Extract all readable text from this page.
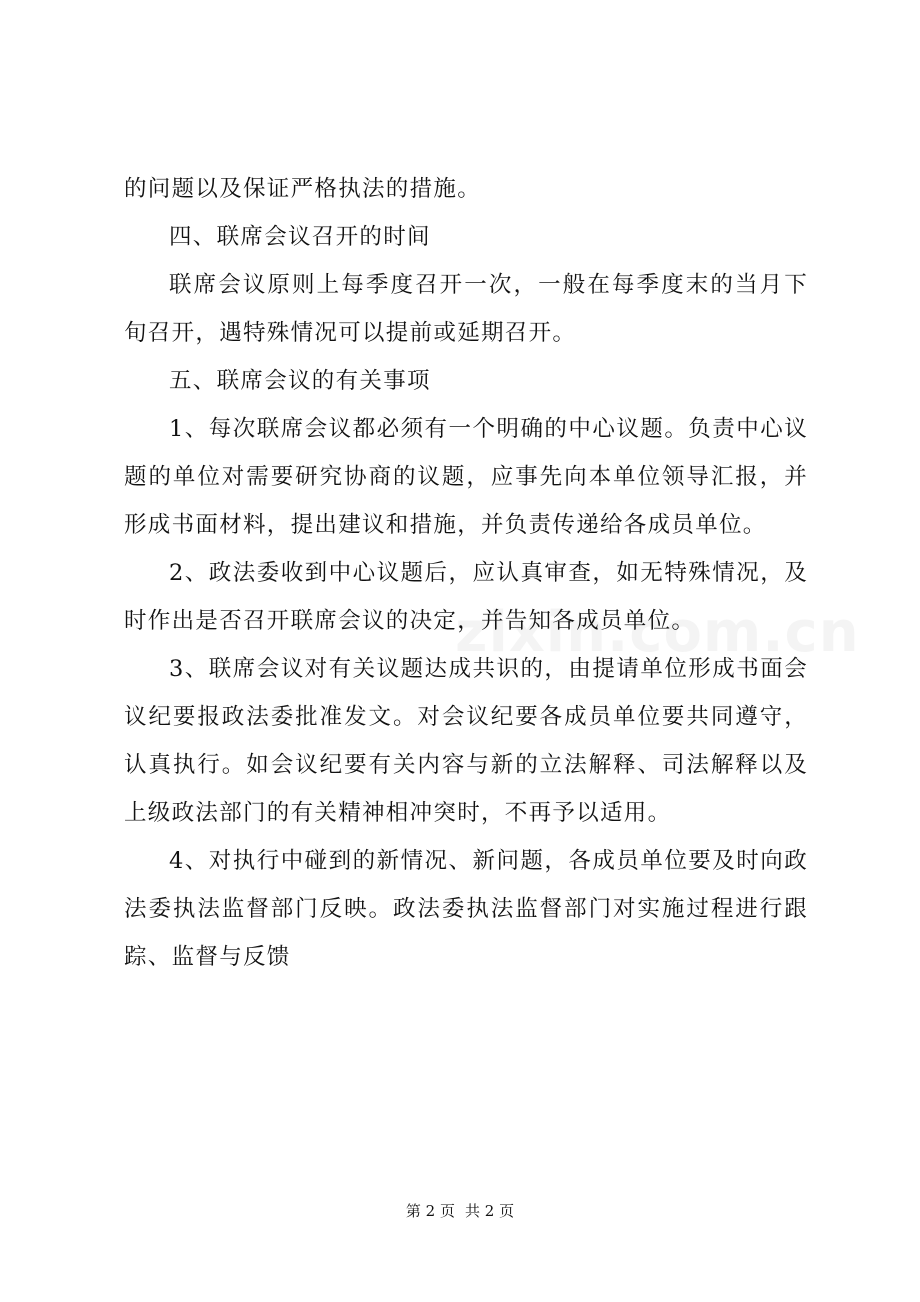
的问题以及保证严格执法的措施。

四、联席会议召开的时间

联席会议原则上每季度召开一次，一般在每季度末的当月下旬召开，遇特殊情况可以提前或延期召开。

五、联席会议的有关事项

1、每次联席会议都必须有一个明确的中心议题。负责中心议题的单位对需要研究协商的议题，应事先向本单位领导汇报，并形成书面材料，提出建议和措施，并负责传递给各成员单位。

2、政法委收到中心议题后，应认真审查，如无特殊情况，及时作出是否召开联席会议的决定，并告知各成员单位。

3、联席会议对有关议题达成共识的，由提请单位形成书面会议纪要报政法委批准发文。对会议纪要各成员单位要共同遵守，认真执行。如会议纪要有关内容与新的立法解释、司法解释以及上级政法部门的有关精神相冲突时，不再予以适用。

4、对执行中碰到的新情况、新问题，各成员单位要及时向政法委执法监督部门反映。政法委执法监督部门对实施过程进行跟踪、监督与反馈

第 2 页 共 2 页
